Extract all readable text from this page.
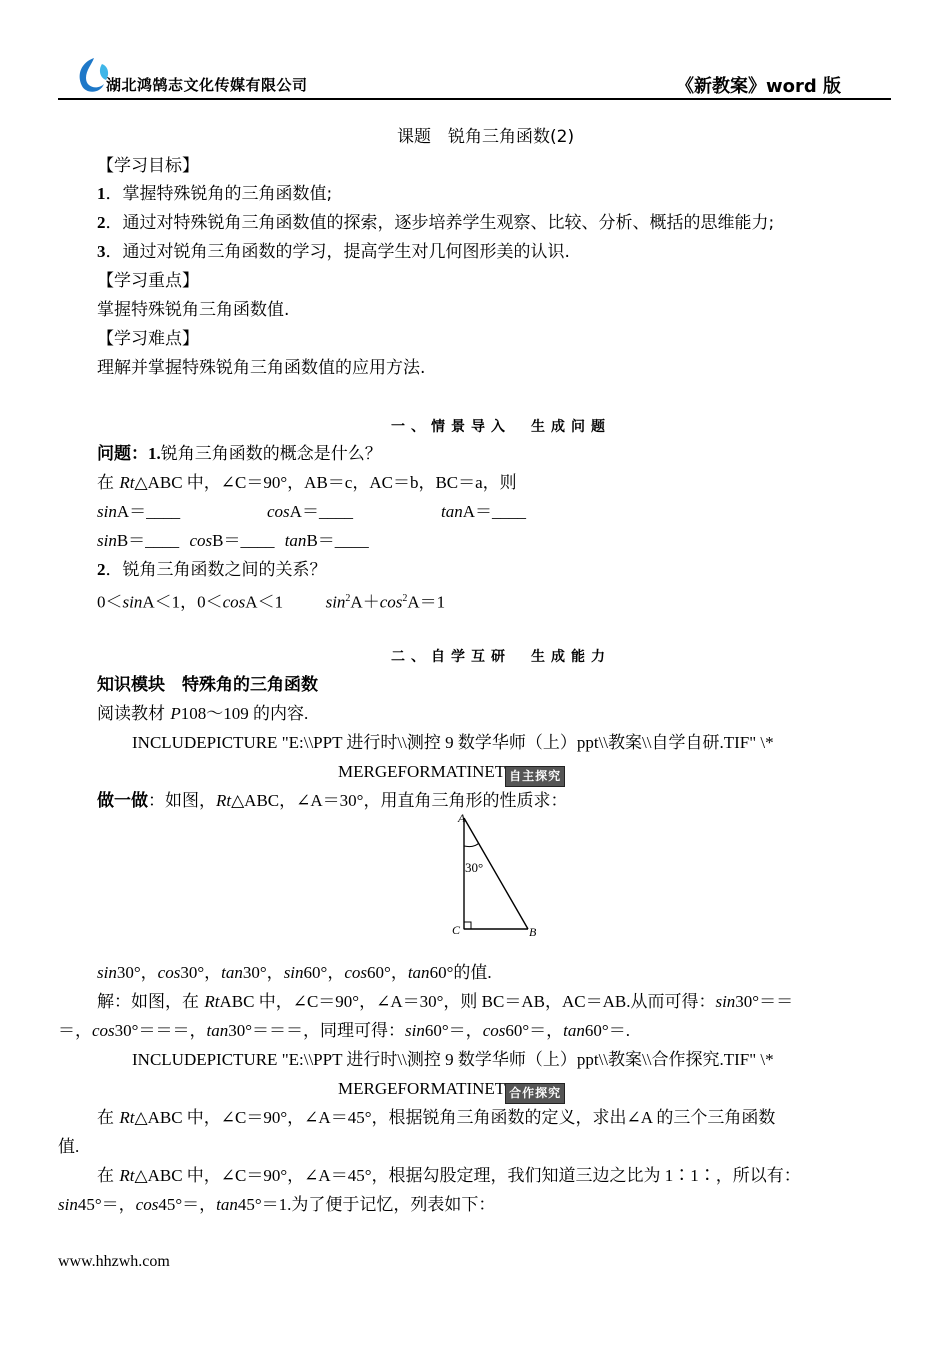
湖北鸿鹄志文化传媒有限公司	《新教案》word 版
课题　锐角三角函数(2)
【学习目标】
1．掌握特殊锐角的三角函数值;
2．通过对特殊锐角三角函数值的探索，逐步培养学生观察、比较、分析、概括的思维能力;
3．通过对锐角三角函数的学习，提高学生对几何图形美的认识.
【学习重点】
掌握特殊锐角三角函数值.
【学习难点】
理解并掌握特殊锐角三角函数值的应用方法.
一、情景导入　生成问题
问题：1.锐角三角函数的概念是什么？
在 Rt△ABC 中，∠C＝90°，AB＝c，AC＝b，BC＝a，则
sinA＝____	cosA＝____	tanA＝____
sinB＝____ cosB＝____ tanB＝____
2．锐角三角函数之间的关系？
0＜sinA＜1，0＜cosA＜1	$\sin^2A+\cos^2A=1$
二、自学互研　生成能力
知识模块　特殊角的三角函数
阅读教材 P108～109 的内容.
INCLUDEPICTURE "E:\\PPT 进行时\\测控 9 数学华师（上）ppt\\教案\\自学自研.TIF" \*
MERGEFORMATINET 自主探究
做一做：如图，Rt△ABC，∠A＝30°，用直角三角形的性质求：
A
30°
C	B
sin30°，cos30°，tan30°，sin60°，cos60°，tan60°的值.
解：如图，在 RtABC 中，∠C＝90°，∠A＝30°，则 BC＝AB，AC＝AB.从而可得：sin30°＝＝
＝，cos30°＝＝＝，tan30°＝＝＝，同理可得：sin60°＝，cos60°＝，tan60°＝.
INCLUDEPICTURE "E:\\PPT 进行时\\测控 9 数学华师（上）ppt\\教案\\合作探究.TIF" \*
MERGEFORMATINET 合作探究
在 Rt△ABC 中，∠C＝90°，∠A＝45°，根据锐角三角函数的定义，求出∠A 的三个三角函数
值.
在 Rt△ABC 中，∠C＝90°，∠A＝45°，根据勾股定理，我们知道三边之比为 1∶1∶，所以有：
sin45°＝，cos45°＝，tan45°＝1.为了便于记忆，列表如下：
www.hhzwh.com
